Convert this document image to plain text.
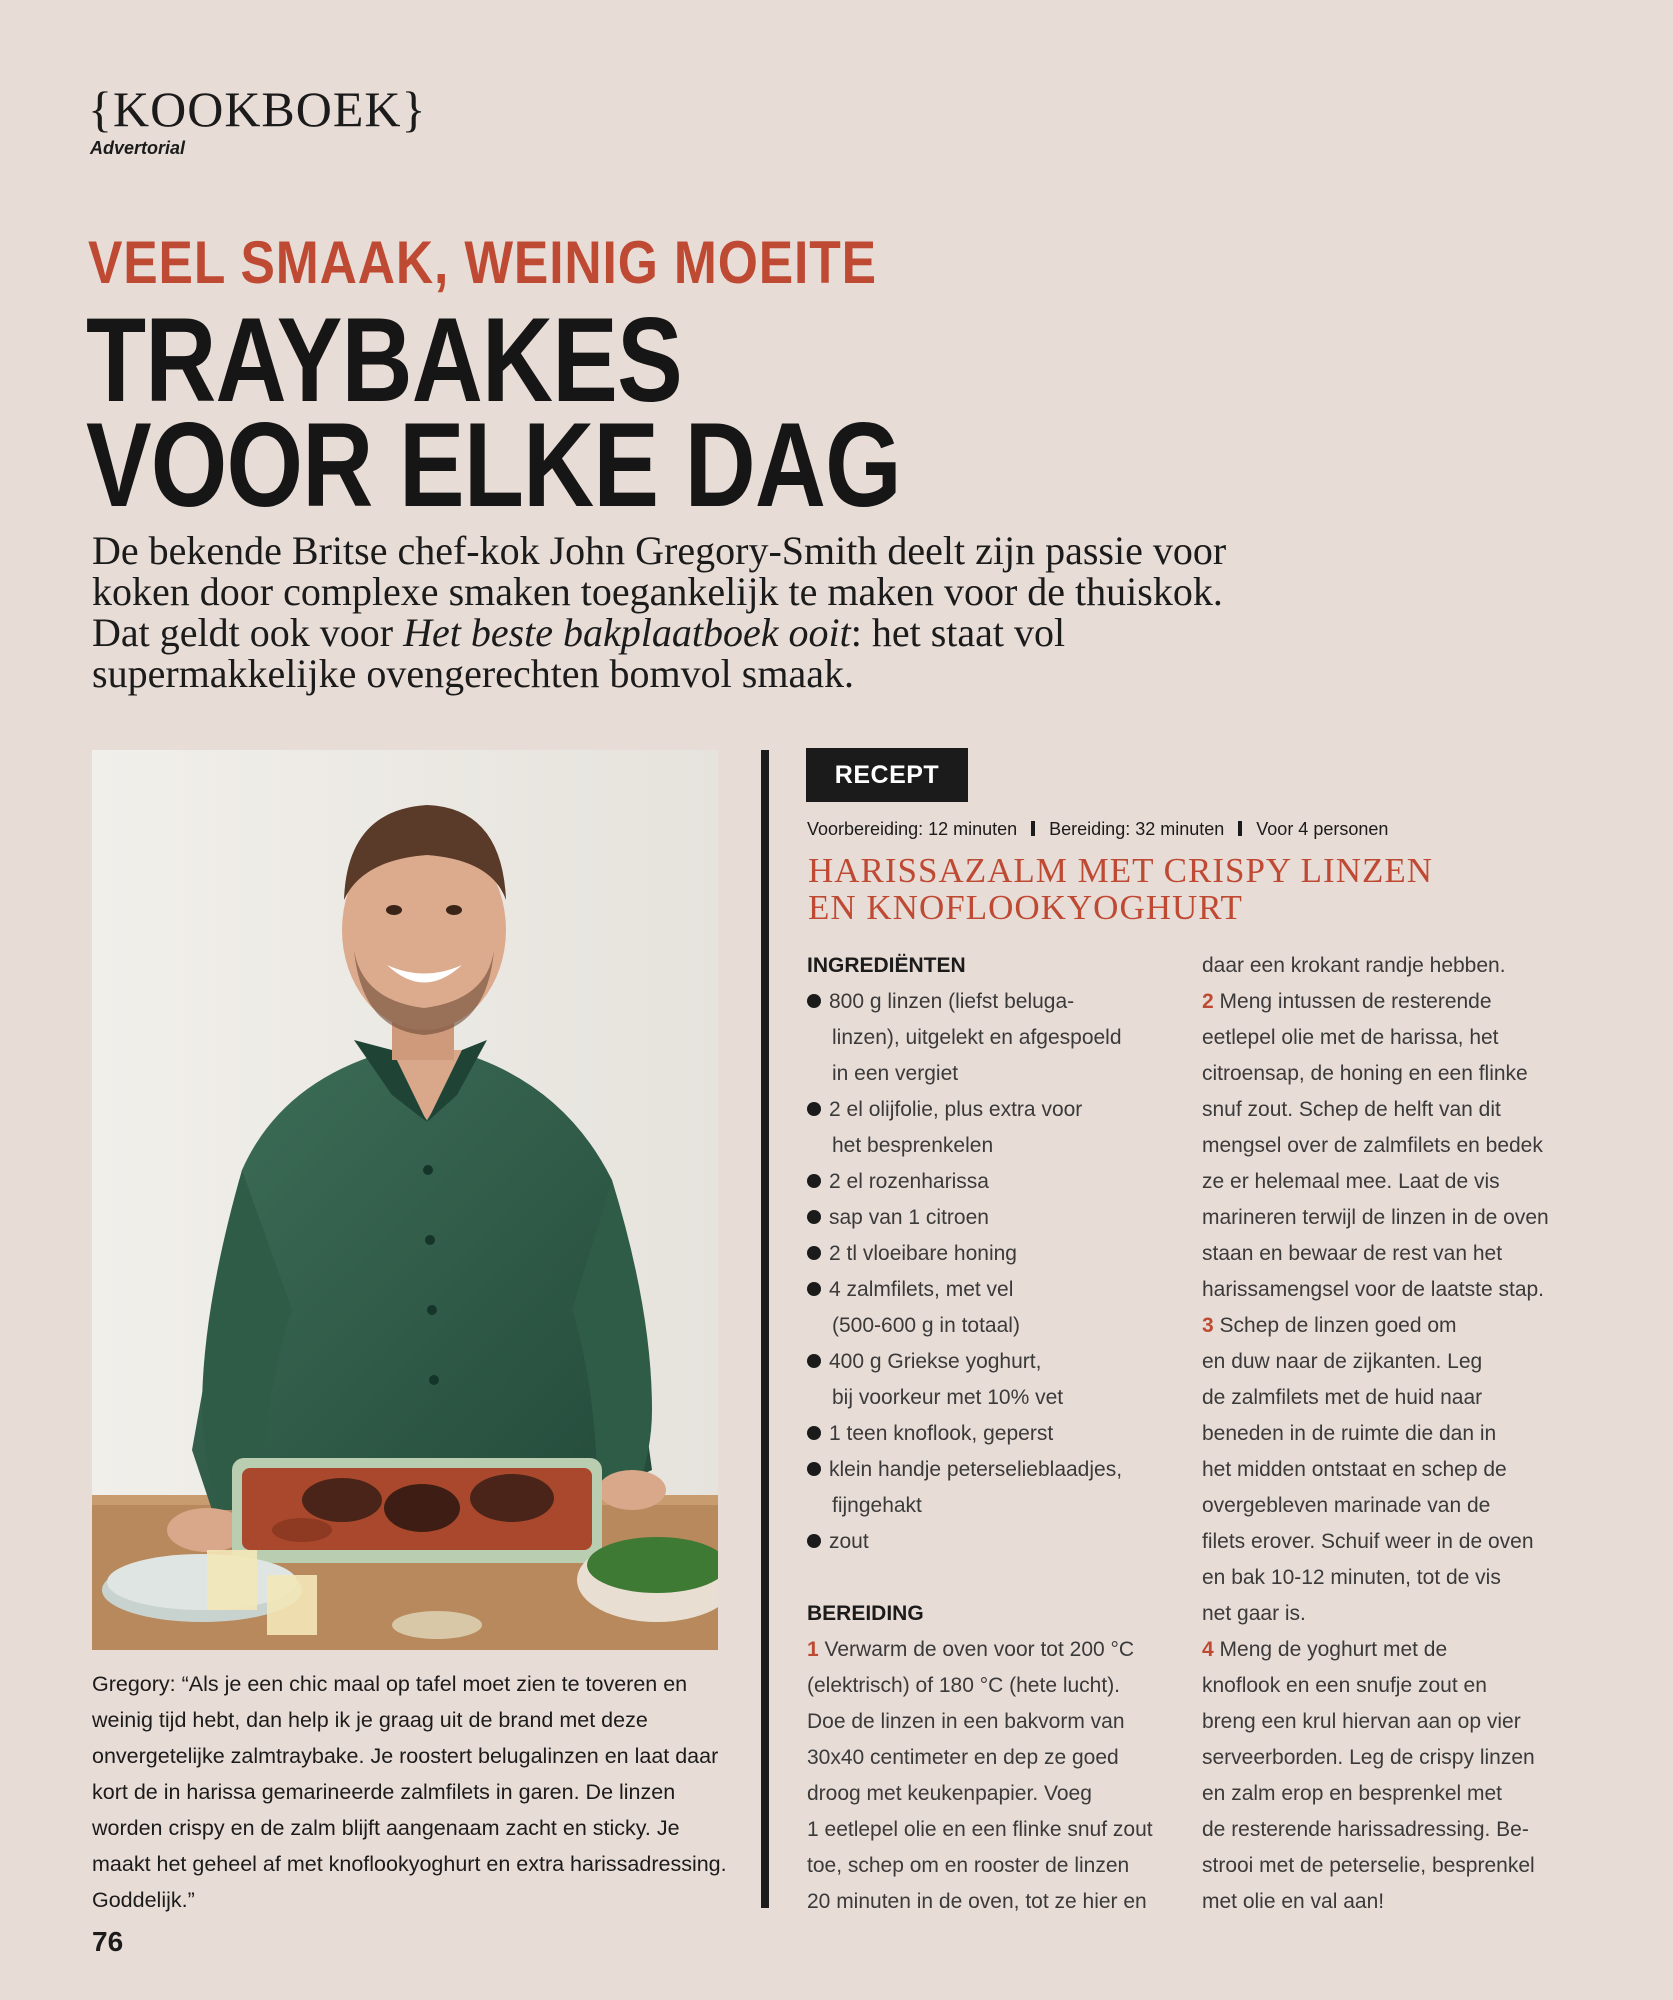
{KOOKBOEK}
Advertorial
VEEL SMAAK, WEINIG MOEITE
TRAYBAKES
VOOR ELKE DAG
De bekende Britse chef-kok John Gregory-Smith deelt zijn passie voor koken door complexe smaken toegankelijk te maken voor de thuiskok. Dat geldt ook voor Het beste bakplaatboek ooit: het staat vol supermakkelijke ovengerechten bomvol smaak.
Gregory: “Als je een chic maal op tafel moet zien te toveren en weinig tijd hebt, dan help ik je graag uit de brand met deze onvergetelijke zalmtraybake. Je roostert belugalinzen en laat daar kort de in harissa gemarineerde zalmfilets in garen. De linzen worden crispy en de zalm blijft aangenaam zacht en sticky. Je maakt het geheel af met knoflookyoghurt en extra harissadressing. Goddelijk.”
76
RECEPT
Voorbereiding: 12 minuten Bereiding: 32 minuten Voor 4 personen
HARISSAZALM MET CRISPY LINZEN
EN KNOFLOOKYOGHURT
INGREDIËNTEN
800 g linzen (liefst beluga-
linzen), uitgelekt en afgespoeld
in een vergiet
2 el olijfolie, plus extra voor
het besprenkelen
2 el rozenharissa
sap van 1 citroen
2 tl vloeibare honing
4 zalmfilets, met vel
(500-600 g in totaal)
400 g Griekse yoghurt,
bij voorkeur met 10% vet
1 teen knoflook, geperst
klein handje peterselieblaadjes,
fijngehakt
zout
BEREIDING
1 Verwarm de oven voor tot 200 °C
(elektrisch) of 180 °C (hete lucht).
Doe de linzen in een bakvorm van
30x40 centimeter en dep ze goed
droog met keukenpapier. Voeg
1 eetlepel olie en een flinke snuf zout
toe, schep om en rooster de linzen
20 minuten in de oven, tot ze hier en
daar een krokant randje hebben.
2 Meng intussen de resterende
eetlepel olie met de harissa, het
citroensap, de honing en een flinke
snuf zout. Schep de helft van dit
mengsel over de zalmfilets en bedek
ze er helemaal mee. Laat de vis
marineren terwijl de linzen in de oven
staan en bewaar de rest van het
harissamengsel voor de laatste stap.
3 Schep de linzen goed om
en duw naar de zijkanten. Leg
de zalmfilets met de huid naar
beneden in de ruimte die dan in
het midden ontstaat en schep de
overgebleven marinade van de
filets erover. Schuif weer in de oven
en bak 10-12 minuten, tot de vis
net gaar is.
4 Meng de yoghurt met de
knoflook en een snufje zout en
breng een krul hiervan aan op vier
serveerborden. Leg de crispy linzen
en zalm erop en besprenkel met
de resterende harissadressing. Be-
strooi met de peterselie, besprenkel
met olie en val aan!
